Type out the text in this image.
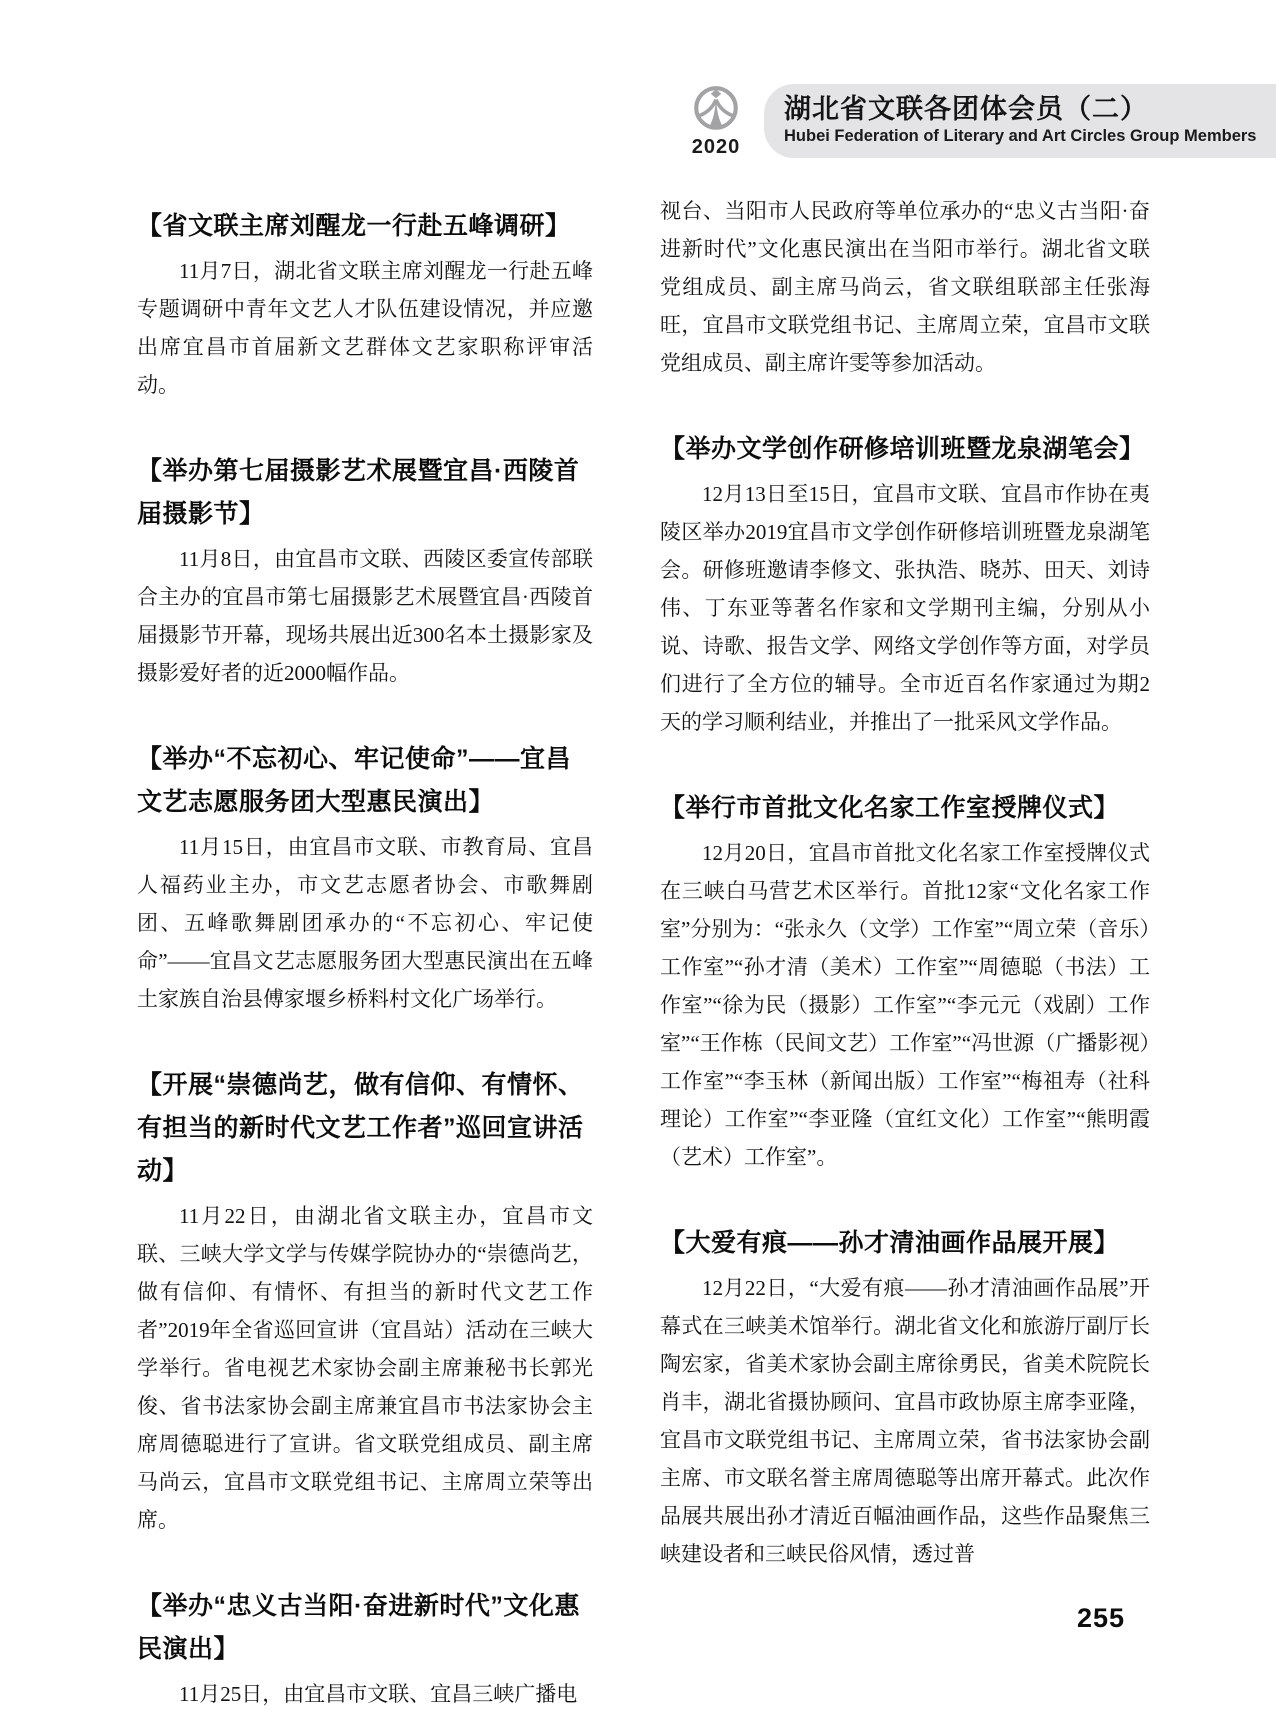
2020
湖北省文联各团体会员（二）
Hubei Federation of Literary and Art Circles Group Members
【省文联主席刘醒龙一行赴五峰调研】

11月7日，湖北省文联主席刘醒龙一行赴五峰专题调研中青年文艺人才队伍建设情况，并应邀出席宜昌市首届新文艺群体文艺家职称评审活动。

【举办第七届摄影艺术展暨宜昌·西陵首届摄影节】

11月8日，由宜昌市文联、西陵区委宣传部联合主办的宜昌市第七届摄影艺术展暨宜昌·西陵首届摄影节开幕，现场共展出近300名本土摄影家及摄影爱好者的近2000幅作品。

【举办“不忘初心、牢记使命”——宜昌文艺志愿服务团大型惠民演出】

11月15日，由宜昌市文联、市教育局、宜昌人福药业主办，市文艺志愿者协会、市歌舞剧团、五峰歌舞剧团承办的“不忘初心、牢记使命”——宜昌文艺志愿服务团大型惠民演出在五峰土家族自治县傅家堰乡桥料村文化广场举行。

【开展“崇德尚艺，做有信仰、有情怀、有担当的新时代文艺工作者”巡回宣讲活动】

11月22日，由湖北省文联主办，宜昌市文联、三峡大学文学与传媒学院协办的“崇德尚艺，做有信仰、有情怀、有担当的新时代文艺工作者”2019年全省巡回宣讲（宜昌站）活动在三峡大学举行。省电视艺术家协会副主席兼秘书长郭光俊、省书法家协会副主席兼宜昌市书法家协会主席周德聪进行了宣讲。省文联党组成员、副主席马尚云，宜昌市文联党组书记、主席周立荣等出席。

【举办“忠义古当阳·奋进新时代”文化惠民演出】

11月25日，由宜昌市文联、宜昌三峡广播电

视台、当阳市人民政府等单位承办的“忠义古当阳·奋进新时代”文化惠民演出在当阳市举行。湖北省文联党组成员、副主席马尚云，省文联组联部主任张海旺，宜昌市文联党组书记、主席周立荣，宜昌市文联党组成员、副主席许雯等参加活动。

【举办文学创作研修培训班暨龙泉湖笔会】

12月13日至15日，宜昌市文联、宜昌市作协在夷陵区举办2019宜昌市文学创作研修培训班暨龙泉湖笔会。研修班邀请李修文、张执浩、晓苏、田天、刘诗伟、丁东亚等著名作家和文学期刊主编，分别从小说、诗歌、报告文学、网络文学创作等方面，对学员们进行了全方位的辅导。全市近百名作家通过为期2天的学习顺利结业，并推出了一批采风文学作品。

【举行市首批文化名家工作室授牌仪式】

12月20日，宜昌市首批文化名家工作室授牌仪式在三峡白马营艺术区举行。首批12家“文化名家工作室”分别为：“张永久（文学）工作室”“周立荣（音乐）工作室”“孙才清（美术）工作室”“周德聪（书法）工作室”“徐为民（摄影）工作室”“李元元（戏剧）工作室”“王作栋（民间文艺）工作室”“冯世源（广播影视）工作室”“李玉林（新闻出版）工作室”“梅祖寿（社科理论）工作室”“李亚隆（宜红文化）工作室”“熊明霞（艺术）工作室”。

【大爱有痕——孙才清油画作品展开展】

12月22日，“大爱有痕——孙才清油画作品展”开幕式在三峡美术馆举行。湖北省文化和旅游厅副厅长陶宏家，省美术家协会副主席徐勇民，省美术院院长肖丰，湖北省摄协顾问、宜昌市政协原主席李亚隆，宜昌市文联党组书记、主席周立荣，省书法家协会副主席、市文联名誉主席周德聪等出席开幕式。此次作品展共展出孙才清近百幅油画作品，这些作品聚焦三峡建设者和三峡民俗风情，透过普

255
